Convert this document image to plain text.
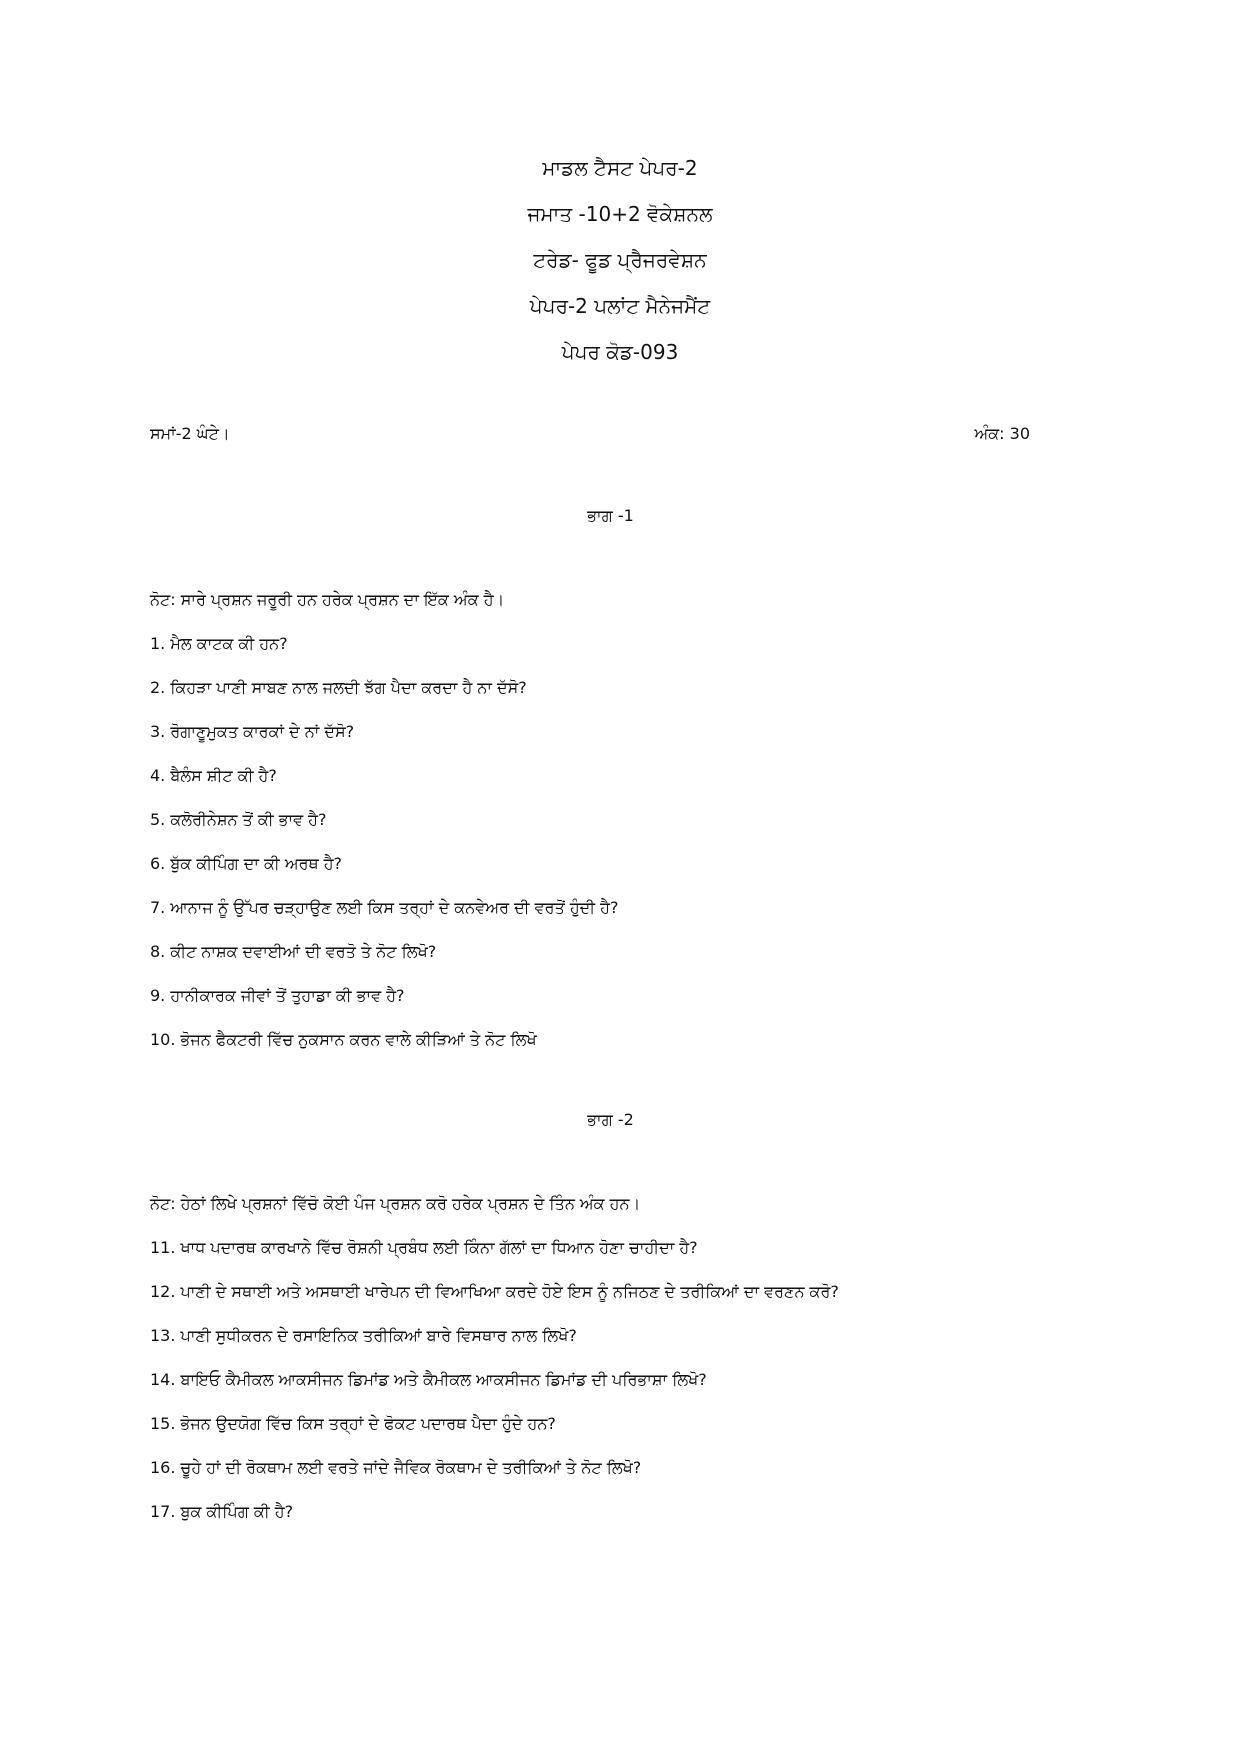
ਮਾਡਲ ਟੈਸਟ ਪੇਪਰ-2
ਜਮਾਤ -10+2 ਵੋਕੇਸ਼ਨਲ
ਟਰੇਡ- ਫੂਡ ਪ੍ਰੈਜਰਵੇਸ਼ਨ
ਪੇਪਰ-2 ਪਲਾਂਟ ਮੈਨੇਜਮੈਂਟ
ਪੇਪਰ ਕੋਡ-093
ਸਮਾਂ-2 ਘੰਟੇ।	ਅੰਕ: 30
ਭਾਗ -1
ਨੋਟ: ਸਾਰੇ ਪ੍ਰਸ਼ਨ ਜਰੂਰੀ ਹਨ ਹਰੇਕ ਪ੍ਰਸ਼ਨ ਦਾ ਇੱਕ ਅੰਕ ਹੈ।
1. ਮੈਲ ਕਾਟਕ ਕੀ ਹਨ?
2. ਕਿਹੜਾ ਪਾਣੀ ਸਾਬਣ ਨਾਲ ਜਲਦੀ ਝੱਗ ਪੈਦਾ ਕਰਦਾ ਹੈ ਨਾ ਦੱਸੋ?
3. ਰੋਗਾਣੂਮੁਕਤ ਕਾਰਕਾਂ ਦੇ ਨਾਂ ਦੱਸੋ?
4. ਬੈਲੰਸ ਸ਼ੀਟ ਕੀ ਹੈ?
5. ਕਲੋਰੀਨੇਸ਼ਨ ਤੋਂ ਕੀ ਭਾਵ ਹੈ?
6. ਬੁੱਕ ਕੀਪਿੰਗ ਦਾ ਕੀ ਅਰਥ ਹੈ?
7. ਆਨਾਜ ਨੂੰ ਉੱਪਰ ਚੜ੍ਹਾਉਣ ਲਈ ਕਿਸ ਤਰ੍ਹਾਂ ਦੇ ਕਨਵੇਅਰ ਦੀ ਵਰਤੋਂ ਹੁੰਦੀ ਹੈ?
8. ਕੀਟ ਨਾਸ਼ਕ ਦਵਾਈਆਂ ਦੀ ਵਰਤੋ ਤੇ ਨੋਟ ਲਿਖੋ?
9. ਹਾਨੀਕਾਰਕ ਜੀਵਾਂ ਤੋਂ ਤੁਹਾਡਾ ਕੀ ਭਾਵ ਹੈ?
10. ਭੋਜਨ ਫੈਕਟਰੀ ਵਿੱਚ ਨੁਕਸਾਨ ਕਰਨ ਵਾਲੇ ਕੀੜਿਆਂ ਤੇ ਨੋਟ ਲਿਖੋ
ਭਾਗ -2
ਨੋਟ: ਹੇਠਾਂ ਲਿਖੇ ਪ੍ਰਸ਼ਨਾਂ ਵਿੱਚੋ ਕੋਈ ਪੰਜ ਪ੍ਰਸ਼ਨ ਕਰੋ ਹਰੇਕ ਪ੍ਰਸ਼ਨ ਦੇ ਤਿੰਨ ਅੰਕ ਹਨ।
11. ਖਾਧ ਪਦਾਰਥ ਕਾਰਖਾਨੇ ਵਿੱਚ ਰੋਸ਼ਨੀ ਪ੍ਰਬੰਧ ਲਈ ਕਿੰਨਾ ਗੱਲਾਂ ਦਾ ਧਿਆਨ ਹੋਣਾ ਚਾਹੀਦਾ ਹੈ?
12. ਪਾਣੀ ਦੇ ਸਥਾਈ ਅਤੇ ਅਸਥਾਈ ਖਾਰੇਪਨ ਦੀ ਵਿਆਖਿਆ ਕਰਦੇ ਹੋਏ ਇਸ ਨੂੰ ਨਜਿਠਣ ਦੇ ਤਰੀਕਿਆਂ ਦਾ ਵਰਣਨ ਕਰੋ?
13. ਪਾਣੀ ਸੁਧੀਕਰਨ ਦੇ ਰਸਾਇਨਿਕ ਤਰੀਕਿਆਂ ਬਾਰੇ ਵਿਸਥਾਰ ਨਾਲ ਲਿਖੋ?
14. ਬਾਇਓ ਕੈਮੀਕਲ ਆਕਸੀਜਨ ਡਿਮਾਂਡ ਅਤੇ ਕੈਮੀਕਲ ਆਕਸੀਜਨ ਡਿਮਾਂਡ ਦੀ ਪਰਿਭਾਸ਼ਾ ਲਿਖੋ?
15. ਭੋਜਨ ਉਦਯੋਗ ਵਿੱਚ ਕਿਸ ਤਰ੍ਹਾਂ ਦੇ ਫੋਕਟ ਪਦਾਰਥ ਪੈਦਾ ਹੁੰਦੇ ਹਨ?
16. ਚੂਹੇ ਹਾਂ ਦੀ ਰੋਕਥਾਮ ਲਈ ਵਰਤੇ ਜਾਂਦੇ ਜੈਵਿਕ ਰੋਕਥਾਮ ਦੇ ਤਰੀਕਿਆਂ ਤੇ ਨੋਟ ਲਿਖੋ?
17. ਬੁਕ ਕੀਪਿੰਗ ਕੀ ਹੈ?
